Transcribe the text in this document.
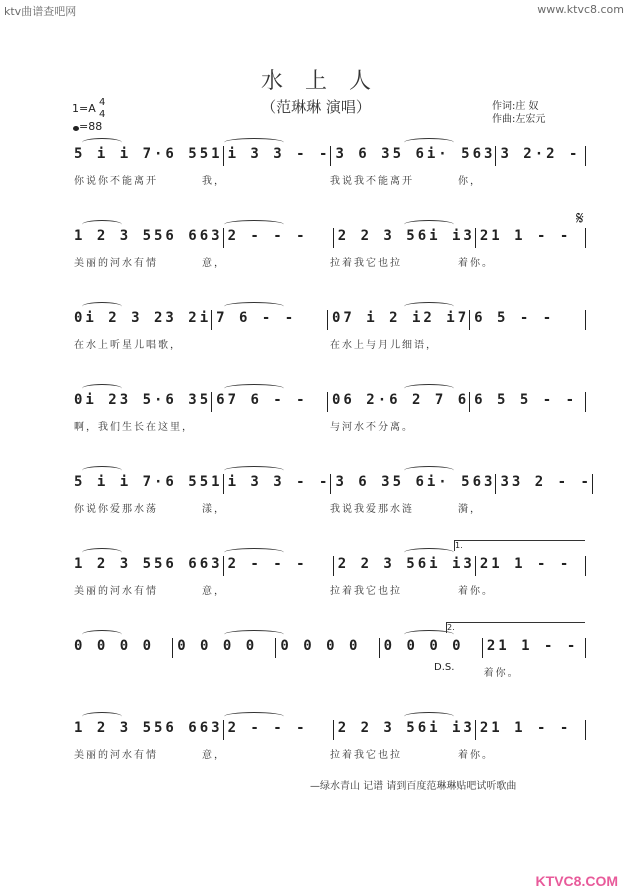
ktv曲谱查吧网	www.ktvc8.com
水上人
（范琳琳 演唱）
1=A 4
4
=88
作词:庄 奴
作曲:左宏元
𝄋
5 i i 7·6 551 i 3 3 - - 3 6 35 6i· 563 3 2·2 -
你说你不能离开	我，	我说我不能离开	你，
1 2 3 556 663 2 - - -	2 2 3 56i i3 21 1 - -
美丽的河水有情	意，	拉着我它也拉	着你。
0i 2 3 23 2i 7 6 - -	07 i 2 i2 i7 6 5 - -
在水上听星儿唱歌，	在水上与月儿细语，
0i 23 5·6 35 67 6 - -	06 2·6 2 7 6 6 5 5 - -
啊，我们生长在这里，	与河水不分离。
5 i i 7·6 551 i 3 3 - - 3 6 35 6i· 563 33 2 - -
你说你爱那水荡	漾，	我说我爱那水涟	漪，
1 2 3 556 663 2 - - -	2 2 3 56i i3 21 1 - -
美丽的河水有情	意，	拉着我它也拉	着你。
0 0 0 0	0 0 0 0	0 0 0 0	0 0 0 0	21 1 - -
着你。
1 2 3 556 663 2 - - -	2 2 3 56i i3 21 1 - -
美丽的河水有情	意，	拉着我它也拉	着你。
1.
2.
D.S.
—绿水青山 记谱 请到百度范琳琳贴吧试听歌曲
KTVC8.COM
